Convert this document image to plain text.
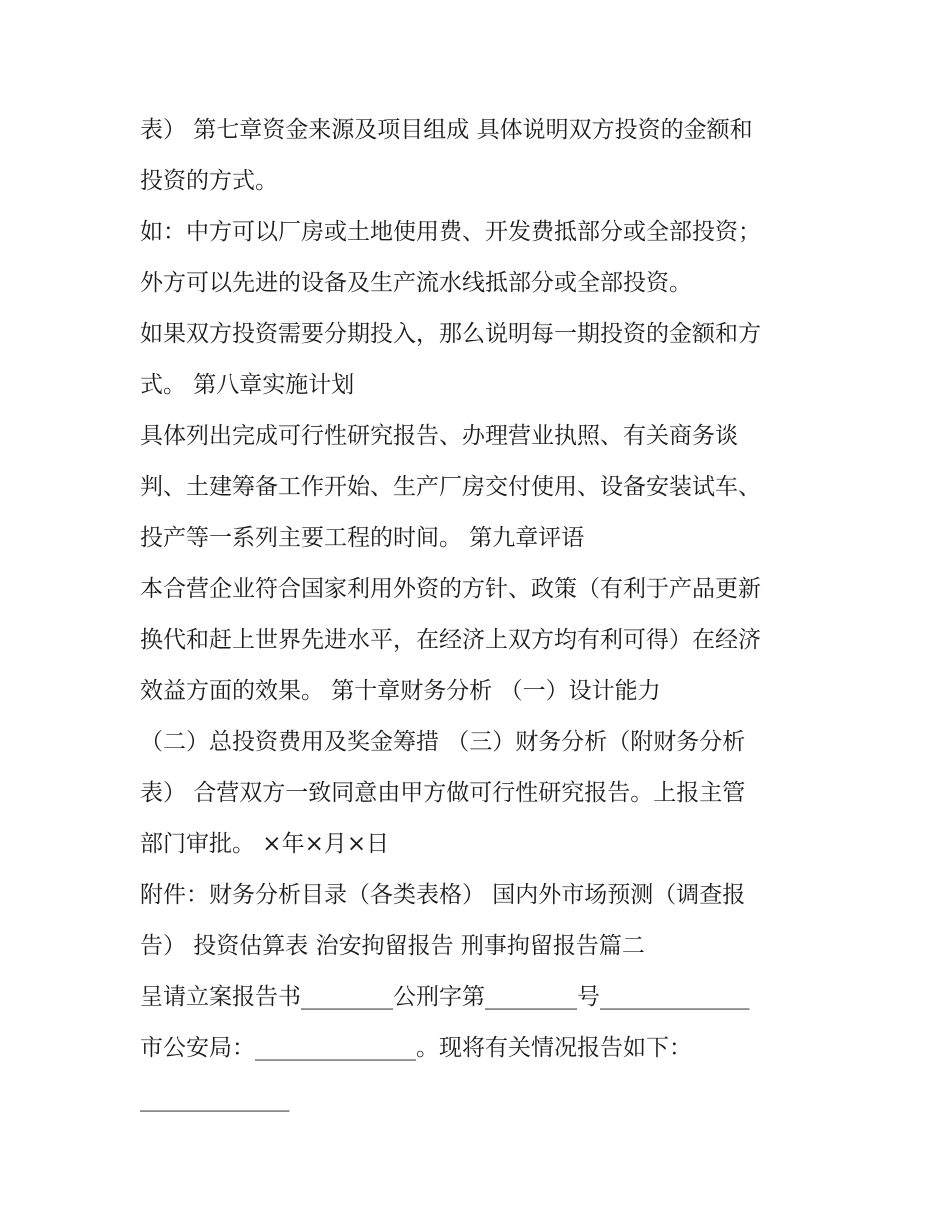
表） 第七章资金来源及项目组成 具体说明双方投资的金额和
投资的方式。
如：中方可以厂房或土地使用费、开发费抵部分或全部投资；
外方可以先进的设备及生产流水线抵部分或全部投资。
如果双方投资需要分期投入，那么说明每一期投资的金额和方
式。 第八章实施计划
具体列出完成可行性研究报告、办理营业执照、有关商务谈
判、土建筹备工作开始、生产厂房交付使用、设备安装试车、
投产等一系列主要工程的时间。 第九章评语
本合营企业符合国家利用外资的方针、政策（有利于产品更新
换代和赶上世界先进水平，在经济上双方均有利可得）在经济
效益方面的效果。 第十章财务分析 （一）设计能力
（二）总投资费用及奖金筹措 （三）财务分析（附财务分析
表） 合营双方一致同意由甲方做可行性研究报告。上报主管
部门审批。 ×年×月×日
附件：财务分析目录（各类表格） 国内外市场预测（调查报
告） 投资估算表 治安拘留报告 刑事拘留报告篇二
呈请立案报告书________公刑字第________号_____________
市公安局：______________。现将有关情况报告如下：
_____________
